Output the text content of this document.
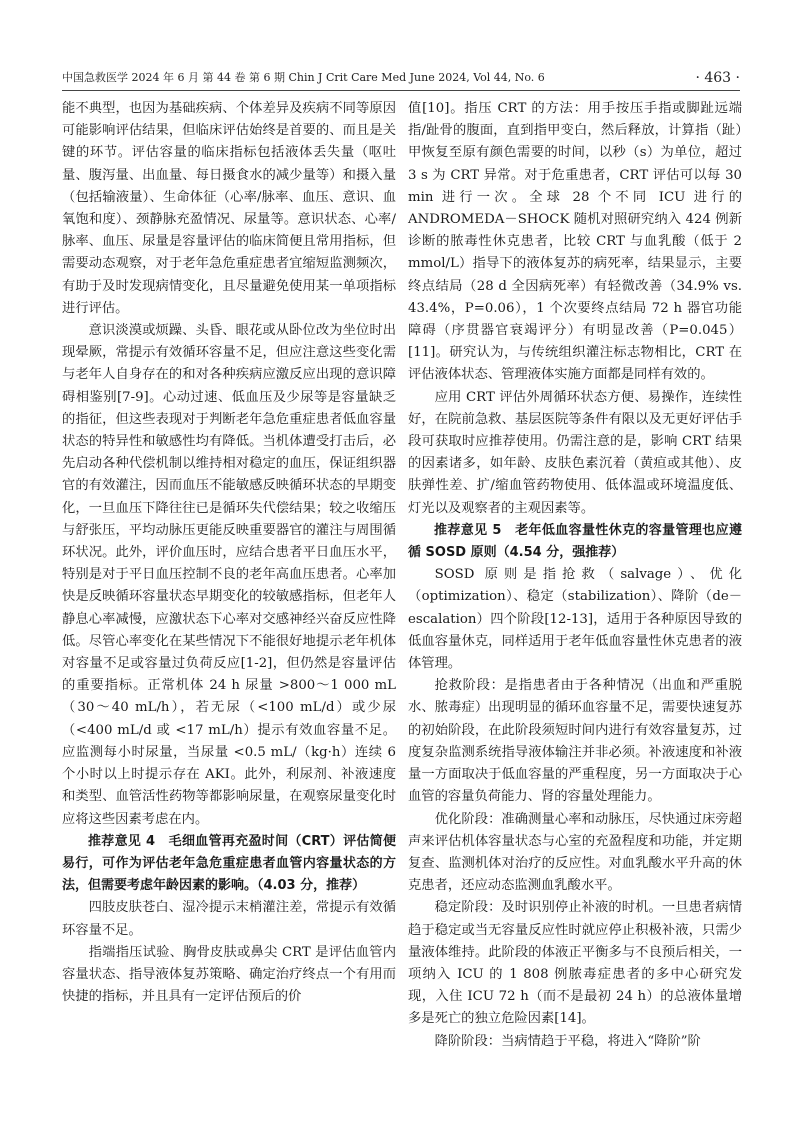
中国急救医学 2024 年 6 月 第 44 卷 第 6 期 Chin J Crit Care Med June 2024, Vol 44, No. 6	· 463 ·

能不典型，也因为基础疾病、个体差异及疾病不同等原因可能影响评估结果，但临床评估始终是首要的、而且是关键的环节。评估容量的临床指标包括液体丢失量（呕吐量、腹泻量、出血量、每日摄食水的减少量等）和摄入量（包括输液量）、生命体征（心率/脉率、血压、意识、血氧饱和度）、颈静脉充盈情况、尿量等。意识状态、心率/脉率、血压、尿量是容量评估的临床简便且常用指标，但需要动态观察，对于老年急危重症患者宜缩短监测频次，有助于及时发现病情变化，且尽量避免使用某一单项指标进行评估。

意识淡漠或烦躁、头昏、眼花或从卧位改为坐位时出现晕厥，常提示有效循环容量不足，但应注意这些变化需与老年人自身存在的和对各种疾病应激反应出现的意识障碍相鉴别[7-9]。心动过速、低血压及少尿等是容量缺乏的指征，但这些表现对于判断老年急危重症患者低血容量状态的特异性和敏感性均有降低。当机体遭受打击后，必先启动各种代偿机制以维持相对稳定的血压，保证组织器官的有效灌注，因而血压不能敏感反映循环状态的早期变化，一旦血压下降往往已是循环失代偿结果；较之收缩压与舒张压，平均动脉压更能反映重要器官的灌注与周围循环状况。此外，评价血压时，应结合患者平日血压水平，特别是对于平日血压控制不良的老年高血压患者。心率加快是反映循环容量状态早期变化的较敏感指标，但老年人静息心率减慢，应激状态下心率对交感神经兴奋反应性降低。尽管心率变化在某些情况下不能很好地提示老年机体对容量不足或容量过负荷反应[1-2]，但仍然是容量评估的重要指标。正常机体 24 h 尿量 >800～1 000 mL（30～40 mL/h），若无尿（<100 mL/d）或少尿（<400 mL/d 或 <17 mL/h）提示有效血容量不足。应监测每小时尿量，当尿量 <0.5 mL/（kg·h）连续 6 个小时以上时提示存在 AKI。此外，利尿剂、补液速度和类型、血管活性药物等都影响尿量，在观察尿量变化时应将这些因素考虑在内。

推荐意见 4　毛细血管再充盈时间（CRT）评估简便易行，可作为评估老年急危重症患者血管内容量状态的方法，但需要考虑年龄因素的影响。（4.03 分，推荐）

四肢皮肤苍白、湿冷提示末梢灌注差，常提示有效循环容量不足。

指端指压试验、胸骨皮肤或鼻尖 CRT 是评估血管内容量状态、指导液体复苏策略、确定治疗终点一个有用而快捷的指标，并且具有一定评估预后的价

值[10]。指压 CRT 的方法：用手按压手指或脚趾远端指/趾骨的腹面，直到指甲变白，然后释放，计算指（趾）甲恢复至原有颜色需要的时间，以秒（s）为单位，超过 3 s 为 CRT 异常。对于危重患者，CRT 评估可以每 30 min 进行一次。全球 28 个不同 ICU 进行的 ANDROMEDA－SHOCK 随机对照研究纳入 424 例新诊断的脓毒性休克患者，比较 CRT 与血乳酸（低于 2 mmol/L）指导下的液体复苏的病死率，结果显示，主要终点结局（28 d 全因病死率）有轻微改善（34.9% vs. 43.4%，P=0.06），1 个次要终点结局 72 h 器官功能障碍（序贯器官衰竭评分）有明显改善（P=0.045）[11]。研究认为，与传统组织灌注标志物相比，CRT 在评估液体状态、管理液体实施方面都是同样有效的。

应用 CRT 评估外周循环状态方便、易操作，连续性好，在院前急救、基层医院等条件有限以及无更好评估手段可获取时应推荐使用。仍需注意的是，影响 CRT 结果的因素诸多，如年龄、皮肤色素沉着（黄疸或其他）、皮肤弹性差、扩/缩血管药物使用、低体温或环境温度低、灯光以及观察者的主观因素等。

推荐意见 5　老年低血容量性休克的容量管理也应遵循 SOSD 原则（4.54 分，强推荐）

SOSD 原则是指抢救（salvage）、优化（optimization）、稳定（stabilization）、降阶（de－escalation）四个阶段[12-13]，适用于各种原因导致的低血容量休克，同样适用于老年低血容量性休克患者的液体管理。

抢救阶段：是指患者由于各种情况（出血和严重脱水、脓毒症）出现明显的循环血容量不足，需要快速复苏的初始阶段，在此阶段须短时间内进行有效容量复苏，过度复杂监测系统指导液体输注并非必须。补液速度和补液量一方面取决于低血容量的严重程度，另一方面取决于心血管的容量负荷能力、肾的容量处理能力。

优化阶段：准确测量心率和动脉压，尽快通过床旁超声来评估机体容量状态与心室的充盈程度和功能，并定期复查、监测机体对治疗的反应性。对血乳酸水平升高的休克患者，还应动态监测血乳酸水平。

稳定阶段：及时识别停止补液的时机。一旦患者病情趋于稳定或当无容量反应性时就应停止积极补液，只需少量液体维持。此阶段的体液正平衡多与不良预后相关，一项纳入 ICU 的 1 808 例脓毒症患者的多中心研究发现，入住 ICU 72 h（而不是最初 24 h）的总液体量增多是死亡的独立危险因素[14]。

降阶阶段：当病情趋于平稳，将进入“降阶”阶
